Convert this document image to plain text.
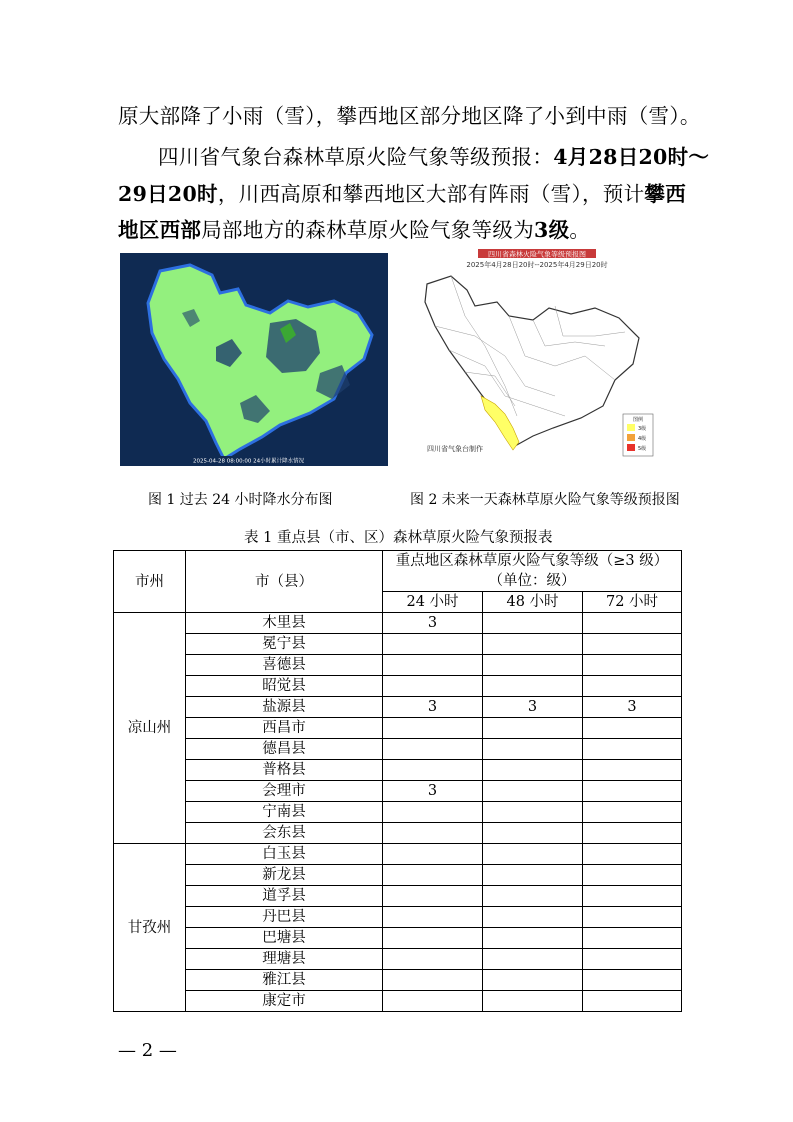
原大部降了小雨（雪），攀西地区部分地区降了小到中雨（雪）。
四川省气象台森林草原火险气象等级预报：4月28日20时～
29日20时，川西高原和攀西地区大部有阵雨（雪），预计攀西
地区西部局部地方的森林草原火险气象等级为3级。
2025-04-28 08:00:00 24小时累计降水情况
四川省森林火险气象等级预报图
2025年4月28日20时--2025年4月29日20时
四川省气象台制作
图例
3级
4级
5级
图 1 过去 24 小时降水分布图	图 2 未来一天森林草原火险气象等级预报图
表 1 重点县（市、区）森林草原火险气象预报表
市州	市（县）	重点地区森林草原火险气象等级（≥3 级）
（单位：级）		

		24 小时	48 小时	72 小时
凉山州	木里县	3		
	冕宁县			
	喜德县			
	昭觉县			
	盐源县	3	3	3
	西昌市			
	德昌县			
	普格县			
	会理市	3		
	宁南县			
	会东县			
甘孜州	白玉县			
	新龙县			
	道孚县			
	丹巴县			
	巴塘县			
	理塘县			
	雅江县			
	康定市			
— 2 —
